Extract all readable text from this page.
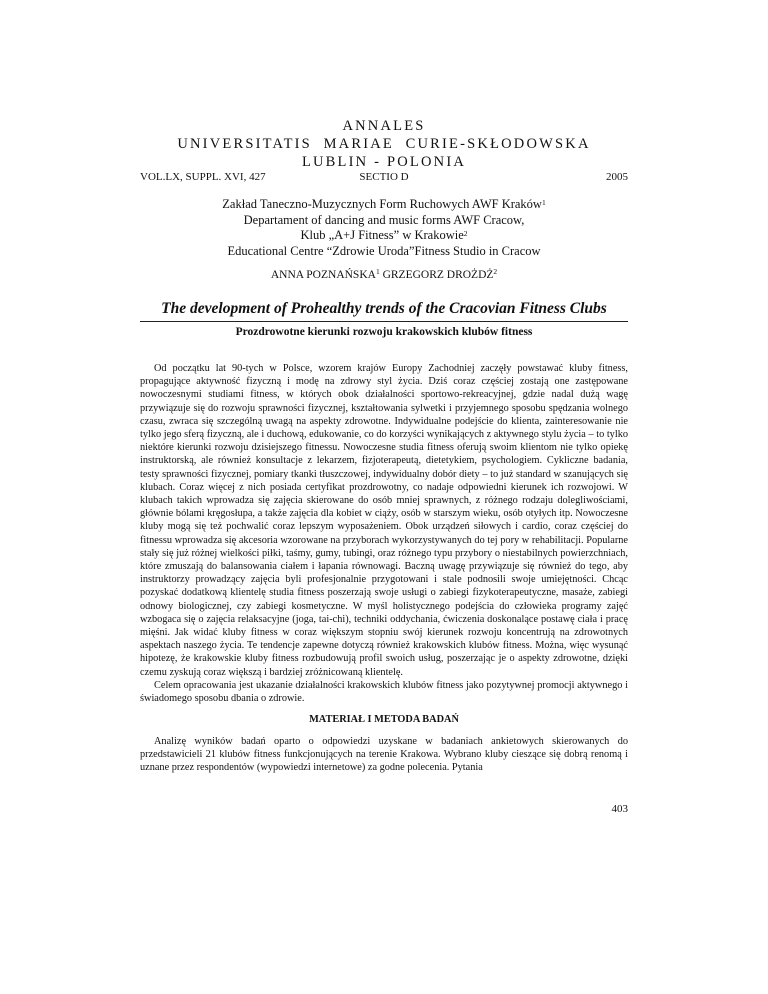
ANNALES
UNIVERSITATIS  MARIAE  CURIE-SKŁODOWSKA
LUBLIN - POLONIA
VOL.LX, SUPPL. XVI, 427	SECTIO D	2005
Zakład Taneczno-Muzycznych Form Ruchowych AWF Kraków$^1$
Departament of dancing and music forms AWF Cracow,
Klub „A+J Fitness” w Krakowie$^2$
Educational Centre “Zdrowie Uroda”Fitness Studio in Cracow
ANNA POZNAŃSKA$^1$ GRZEGORZ DROŻDŻ$^2$
The development of Prohealthy trends of the Cracovian Fitness Clubs
Prozdrowotne kierunki rozwoju krakowskich klubów fitness

Od początku lat 90-tych w Polsce, wzorem krajów Europy Zachodniej zaczęły powstawać kluby fitness, propagujące aktywność fizyczną i modę na zdrowy styl życia. Dziś coraz częściej zostają one zastępowane nowoczesnymi studiami fitness, w których obok działalności sportowo-rekreacyjnej, gdzie nadal dużą wagę przywiązuje się do rozwoju sprawności fizycznej, kształtowania sylwetki i przyjemnego sposobu spędzania wolnego czasu, zwraca się szczególną uwagą na aspekty zdrowotne. Indywidualne podejście do klienta, zainteresowanie nie tylko jego sferą fizyczną, ale i duchową, edukowanie, co do korzyści wynikających z aktywnego stylu życia – to tylko niektóre kierunki rozwoju dzisiejszego fitnessu. Nowoczesne studia fitness oferują swoim klientom nie tylko opiekę instruktorską, ale również konsultacje z lekarzem, fizjoterapeutą, dietetykiem, psychologiem. Cykliczne badania, testy sprawności fizycznej, pomiary tkanki tłuszczowej, indywidualny dobór diety – to już standard w szanujących się klubach. Coraz więcej z nich posiada certyfikat prozdrowotny, co nadaje odpowiedni kierunek ich rozwojowi. W klubach takich wprowadza się zajęcia skierowane do osób mniej sprawnych, z różnego rodzaju dolegliwościami, głównie bólami kręgosłupa, a także zajęcia dla kobiet w ciąży, osób w starszym wieku, osób otyłych itp. Nowoczesne kluby mogą się też pochwalić coraz lepszym wyposażeniem. Obok urządzeń siłowych i cardio, coraz częściej do fitnessu wprowadza się akcesoria wzorowane na przyborach wykorzystywanych do tej pory w rehabilitacji. Popularne stały się już różnej wielkości piłki, taśmy, gumy, tubingi, oraz różnego typu przybory o niestabilnych powierzchniach, które zmuszają do balansowania ciałem i łapania równowagi. Baczną uwagę przywiązuje się również do tego, aby instruktorzy prowadzący zajęcia byli profesjonalnie przygotowani i stale podnosili swoje umiejętności. Chcąc pozyskać dodatkową klientelę studia fitness poszerzają swoje usługi o zabiegi fizykoterapeutyczne, masaże, zabiegi odnowy biologicznej, czy zabiegi kosmetyczne. W myśl holistycznego podejścia do człowieka programy zajęć wzbogaca się o zajęcia relaksacyjne (joga, tai-chi), techniki oddychania, ćwiczenia doskonalące postawę ciała i pracę mięśni. Jak widać kluby fitness w coraz większym stopniu swój kierunek rozwoju koncentrują na zdrowotnych aspektach naszego życia. Te tendencje zapewne dotyczą również krakowskich klubów fitness. Można, więc wysunąć hipotezę, że krakowskie kluby fitness rozbudowują profil swoich usług, poszerzając je o aspekty zdrowotne, dzięki czemu zyskują coraz większą i bardziej zróżnicowaną klientelę.

Celem opracowania jest ukazanie działalności krakowskich klubów fitness jako pozytywnej promocji aktywnego i świadomego sposobu dbania o zdrowie.

MATERIAŁ I METODA BADAŃ

Analizę wyników badań oparto o odpowiedzi uzyskane w badaniach ankietowych skierowanych do przedstawicieli 21 klubów fitness funkcjonujących na terenie Krakowa. Wybrano kluby cieszące się dobrą renomą i uznane przez respondentów (wypowiedzi internetowe) za godne polecenia. Pytania

403
